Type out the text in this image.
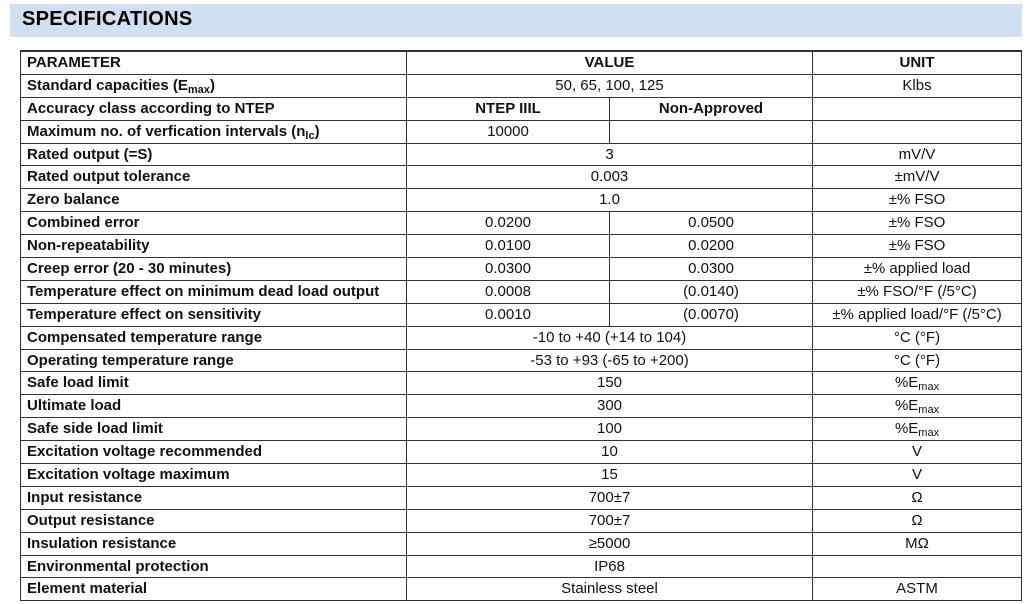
SPECIFICATIONS
PARAMETER	VALUE		UNIT
Standard capacities $(E_{max})$	50, 65, 100, 125		Klbs
Accuracy class according to NTEP	NTEP IIIL	Non-Approved	
Maximum no. of verfication intervals $(n_{lc})$	10000		
Rated output (=S)	3		mV/V
Rated output tolerance	0.003		±mV/V
Zero balance	1.0		±% FSO
Combined error	0.0200	0.0500	±% FSO
Non-repeatability	0.0100	0.0200	±% FSO
Creep error (20 - 30 minutes)	0.0300	0.0300	±% applied load
Temperature effect on minimum dead load output	0.0008	(0.0140)	±% FSO/°F (/5°C)
Temperature effect on sensitivity	0.0010	(0.0070)	±% applied load/°F (/5°C)
Compensated temperature range	-10 to +40 (+14 to 104)		°C (°F)
Operating temperature range	-53 to +93 (-65 to +200)		°C (°F)
Safe load limit	150		$\%E_{max}$
Ultimate load	300		$\%E_{max}$
Safe side load limit	100		$\%E_{max}$
Excitation voltage recommended	10		V
Excitation voltage maximum	15		V
Input resistance	700±7		Ω
Output resistance	700±7		Ω
Insulation resistance	≥5000		MΩ
Environmental protection	IP68		
Element material	Stainless steel		ASTM
